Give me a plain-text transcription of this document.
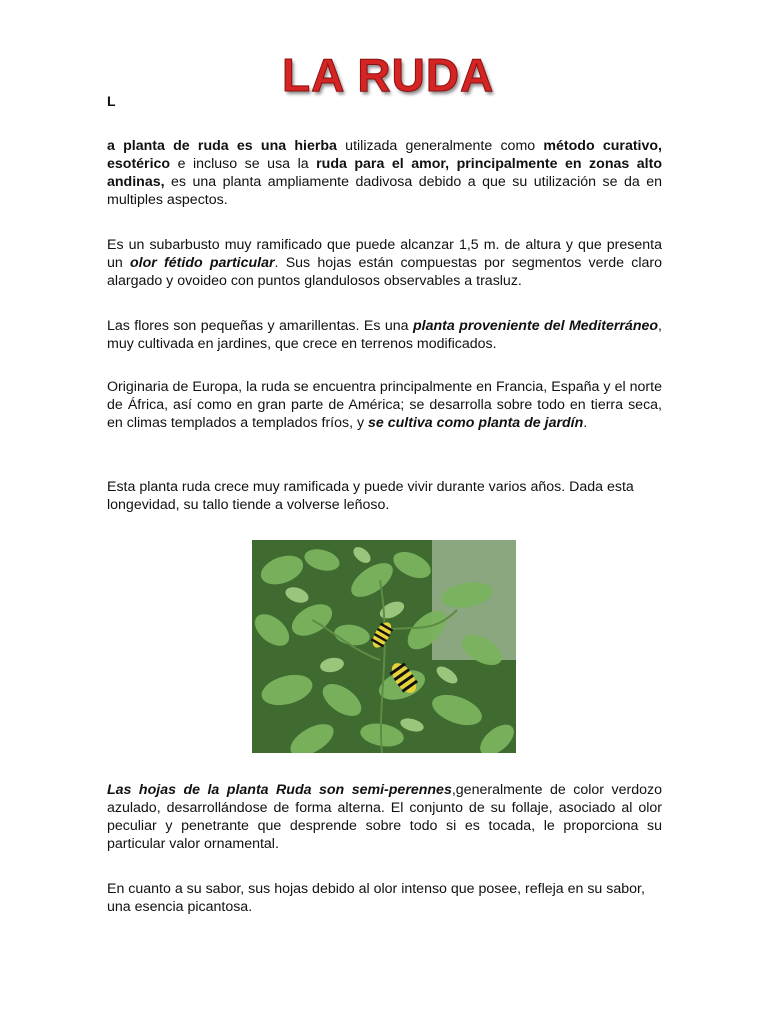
LA RUDA

L

a planta de ruda es una hierba utilizada generalmente como método curativo, esotérico e incluso se usa la ruda para el amor, principalmente en zonas alto andinas, es una planta ampliamente dadivosa debido a que su utilización se da en multiples aspectos.

Es un subarbusto muy ramificado que puede alcanzar 1,5 m. de altura y que presenta un olor fétido particular. Sus hojas están compuestas por segmentos verde claro alargado y ovoideo con puntos glandulosos observables a trasluz.

Las flores son pequeñas y amarillentas. Es una planta proveniente del Mediterráneo, muy cultivada en jardines, que crece en terrenos modificados.

Originaria de Europa, la ruda se encuentra principalmente en Francia, España y el norte de África, así como en gran parte de América; se desarrolla sobre todo en tierra seca, en climas templados a templados fríos, y se cultiva como planta de jardín.

Esta planta ruda crece muy ramificada y puede vivir durante varios años. Dada esta longevidad, su tallo tiende a volverse leñoso.

Las hojas de la planta Ruda son semi-perennes,generalmente de color verdozo azulado, desarrollándose de forma alterna. El conjunto de su follaje, asociado al olor peculiar y penetrante que desprende sobre todo si es tocada, le proporciona su particular valor ornamental.

En cuanto a su sabor, sus hojas debido al olor intenso que posee, refleja en su sabor, una esencia picantosa.
